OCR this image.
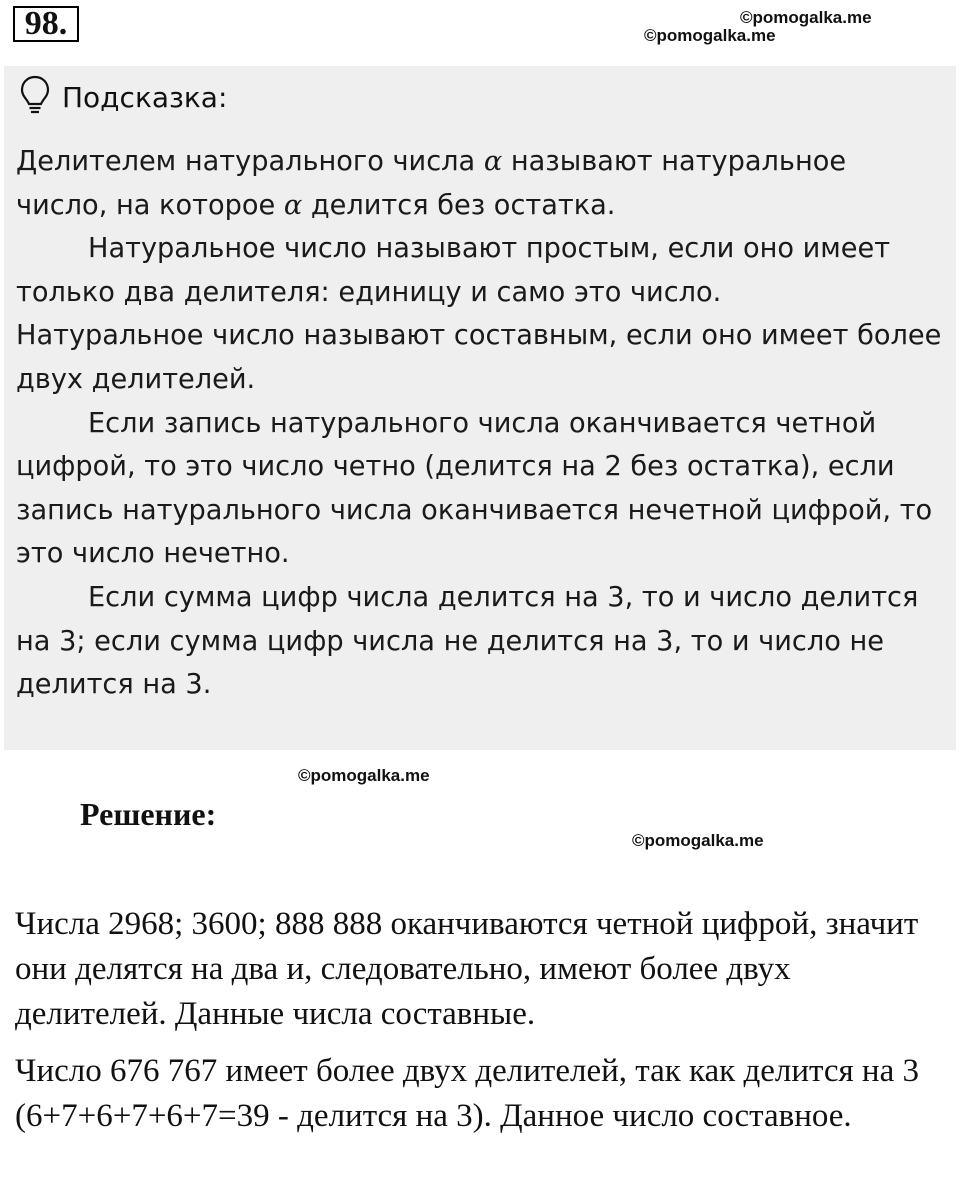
98.	©pomogalka.me
©pomogalka.me
Подсказка:

Делителем натурального числа α называют натуральное число, на которое α делится без остатка.

Натуральное число называют простым, если оно имеет только два делителя: единицу и само это число.

Натуральное число называют составным, если оно имеет более двух делителей.

Если запись натурального числа оканчивается четной цифрой, то это число четно (делится на 2 без остатка), если запись натурального числа оканчивается нечетной цифрой, то это число нечетно.

Если сумма цифр числа делится на 3, то и число делится на 3; если сумма цифр числа не делится на 3, то и число не делится на 3.

©pomogalka.me
Решение:
©pomogalka.me

Числа 2968; 3600; 888 888 оканчиваются четной цифрой, значит они делятся на два и, следовательно, имеют более двух делителей. Данные числа составные.

Число 676 767 имеет более двух делителей, так как делится на 3 (6+7+6+7+6+7=39 - делится на 3). Данное число составное.
